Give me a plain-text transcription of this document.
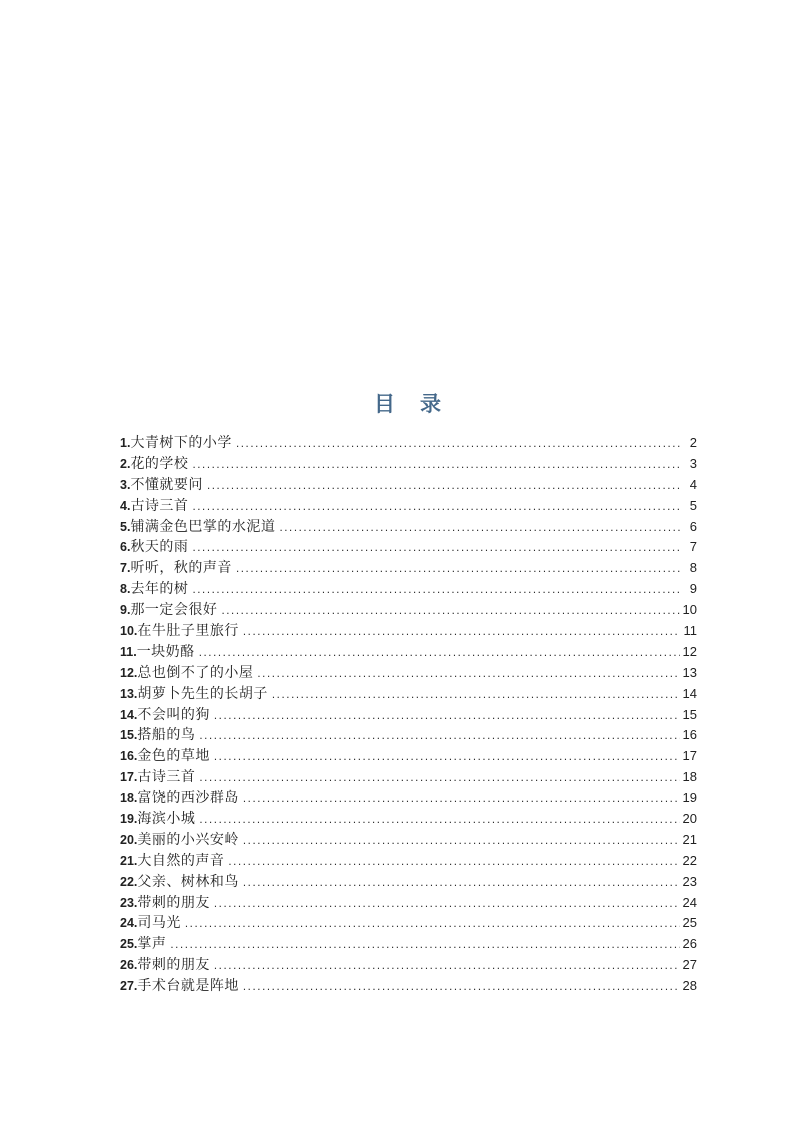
目　录
1. 大青树下的小学 .....	2
2. 花的学校 .....	3
3. 不懂就要问 .....	4
4. 古诗三首 .....	5
5. 铺满金色巴掌的水泥道 .....	6
6. 秋天的雨 .....	7
7. 听听，秋的声音 .....	8
8. 去年的树 .....	9
9. 那一定会很好 .....	10
10. 在牛肚子里旅行 .....	11
11. 一块奶酪 .....	12
12. 总也倒不了的小屋 .....	13
13. 胡萝卜先生的长胡子 .....	14
14. 不会叫的狗 .....	15
15. 搭船的鸟 .....	16
16. 金色的草地 .....	17
17. 古诗三首 .....	18
18. 富饶的西沙群岛 .....	19
19. 海滨小城 .....	20
20. 美丽的小兴安岭 .....	21
21. 大自然的声音 .....	22
22. 父亲、树林和鸟 .....	23
23. 带刺的朋友 .....	24
24. 司马光 .....	25
25. 掌声 .....	26
26. 带刺的朋友 .....	27
27. 手术台就是阵地 .....	28
